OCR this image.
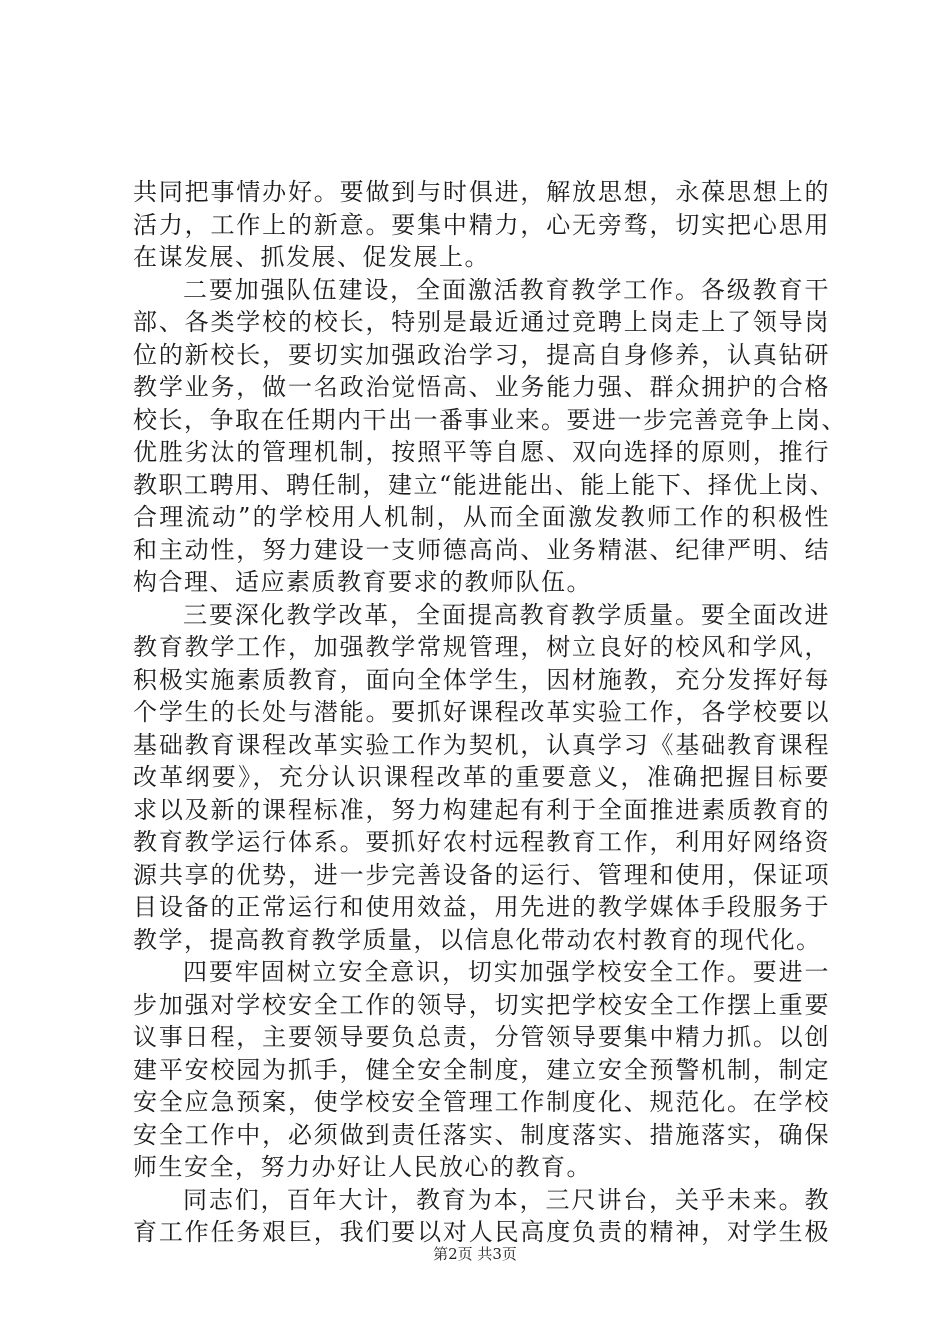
共同把事情办好。要做到与时俱进，解放思想，永葆思想上的
活力，工作上的新意。要集中精力，心无旁骛，切实把心思用
在谋发展、抓发展、促发展上。
二要加强队伍建设，全面激活教育教学工作。各级教育干
部、各类学校的校长，特别是最近通过竞聘上岗走上了领导岗
位的新校长，要切实加强政治学习，提高自身修养，认真钻研
教学业务，做一名政治觉悟高、业务能力强、群众拥护的合格
校长，争取在任期内干出一番事业来。要进一步完善竞争上岗、
优胜劣汰的管理机制，按照平等自愿、双向选择的原则，推行
教职工聘用、聘任制，建立“能进能出、能上能下、择优上岗、
合理流动”的学校用人机制，从而全面激发教师工作的积极性
和主动性，努力建设一支师德高尚、业务精湛、纪律严明、结
构合理、适应素质教育要求的教师队伍。
三要深化教学改革，全面提高教育教学质量。要全面改进
教育教学工作，加强教学常规管理，树立良好的校风和学风，
积极实施素质教育，面向全体学生，因材施教，充分发挥好每
个学生的长处与潜能。要抓好课程改革实验工作，各学校要以
基础教育课程改革实验工作为契机，认真学习《基础教育课程
改革纲要》，充分认识课程改革的重要意义，准确把握目标要
求以及新的课程标准，努力构建起有利于全面推进素质教育的
教育教学运行体系。要抓好农村远程教育工作，利用好网络资
源共享的优势，进一步完善设备的运行、管理和使用，保证项
目设备的正常运行和使用效益，用先进的教学媒体手段服务于
教学，提高教育教学质量，以信息化带动农村教育的现代化。
四要牢固树立安全意识，切实加强学校安全工作。要进一
步加强对学校安全工作的领导，切实把学校安全工作摆上重要
议事日程，主要领导要负总责，分管领导要集中精力抓。以创
建平安校园为抓手，健全安全制度，建立安全预警机制，制定
安全应急预案，使学校安全管理工作制度化、规范化。在学校
安全工作中，必须做到责任落实、制度落实、措施落实，确保
师生安全，努力办好让人民放心的教育。
同志们，百年大计，教育为本，三尺讲台，关乎未来。教
育工作任务艰巨，我们要以对人民高度负责的精神，对学生极
第2页 共3页
